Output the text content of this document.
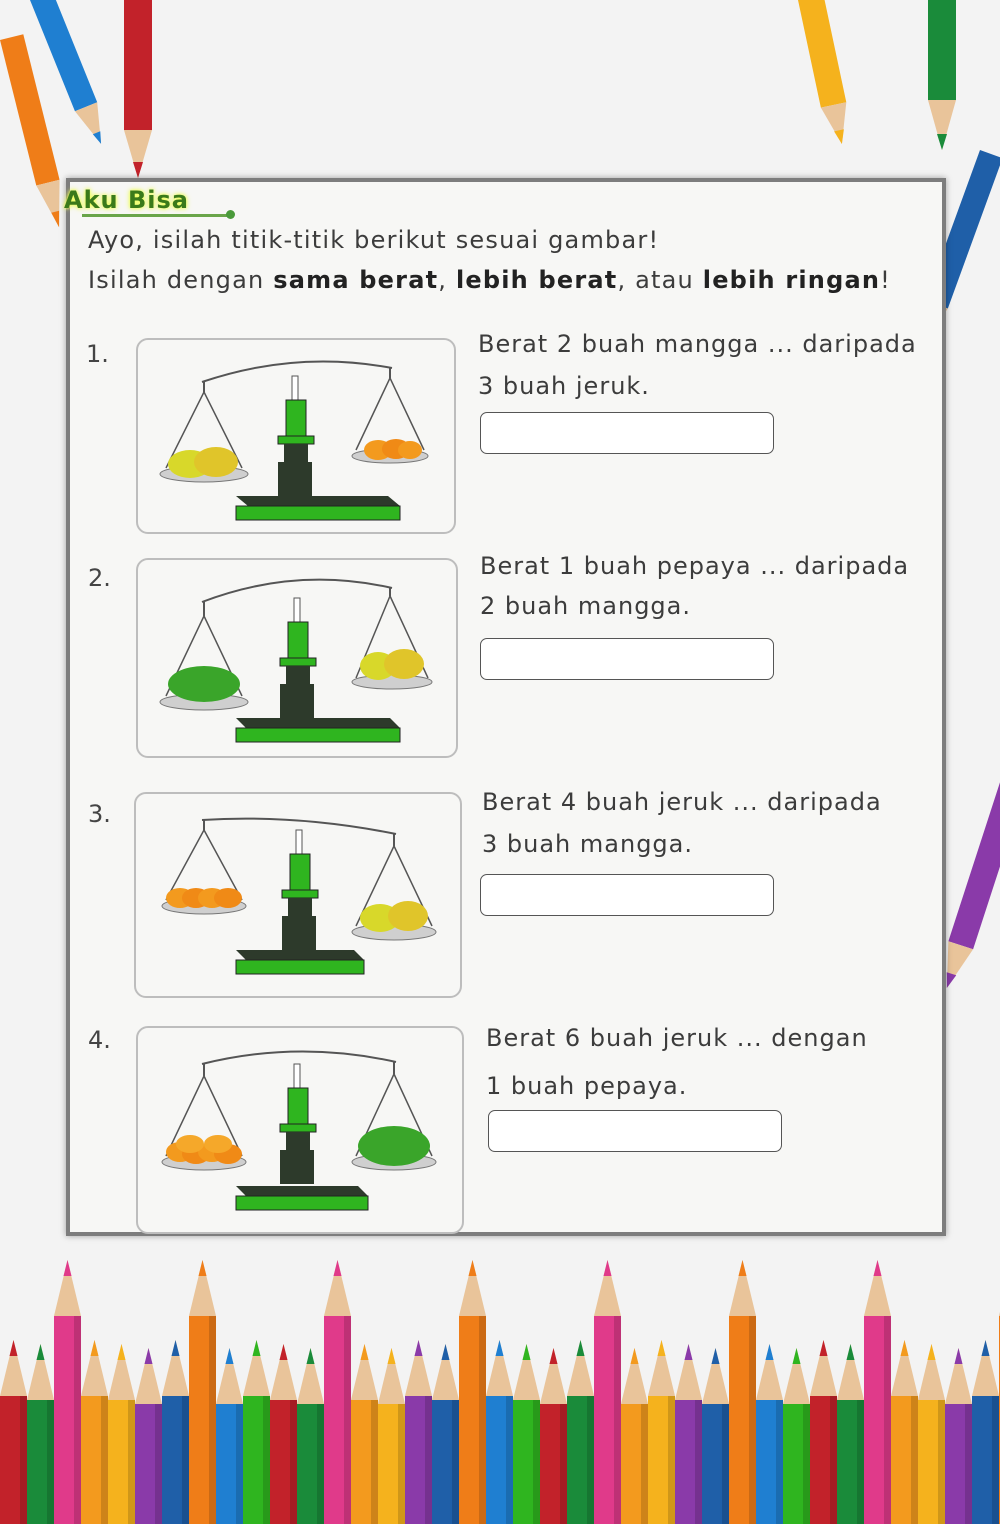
Aku Bisa
Ayo, isilah titik-titik berikut sesuai gambar!
Isilah dengan sama berat, lebih berat, atau lebih ringan!
1.	Berat 2 buah mangga ... daripada
3 buah jeruk.
2.	Berat 1 buah pepaya ... daripada
2 buah mangga.
3.	Berat 4 buah jeruk ... daripada
3 buah mangga.
4.	Berat 6 buah jeruk ... dengan
1 buah pepaya.
